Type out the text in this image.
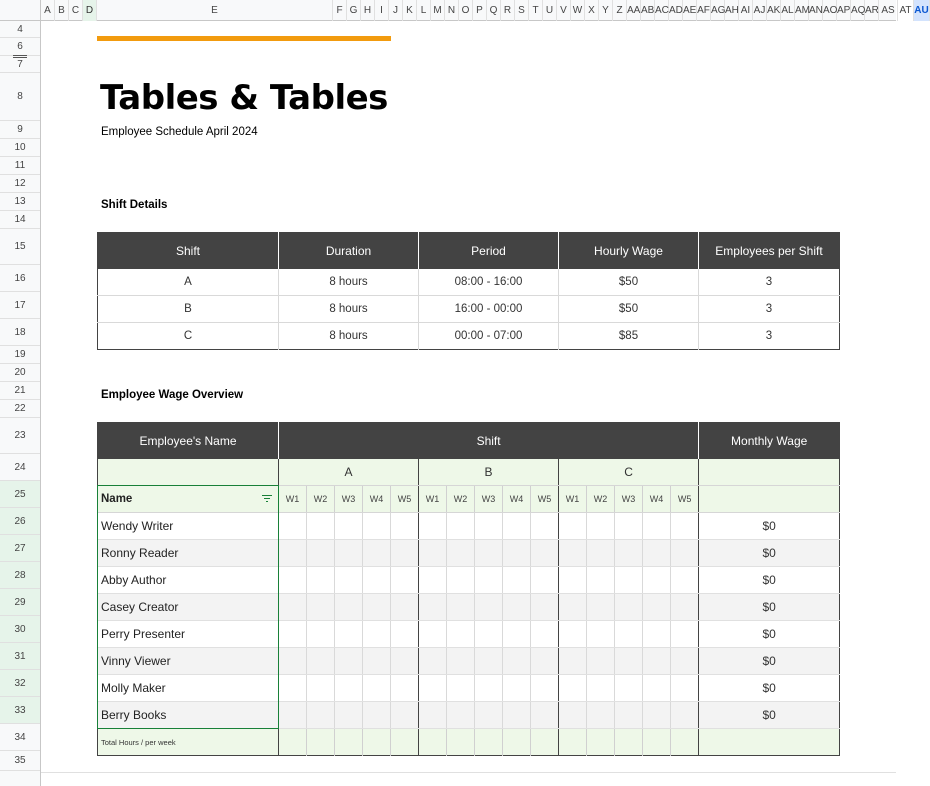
A B C D	E	F G H I	J K L M N O P Q R S T U V W X Y Z AA AB AC AD AE AF AG AH AI AJ AK AL AM AN AO AP AQ AR AS AT AU
4
6
7
8
9
10
11
12
13
14
15
16
17
18
19
20
21
22
23
24
25
26
27
28
29
30
31
32
33
34
35
Tables & Tables
Employee Schedule April 2024
Shift Details
Shift	Duration	Period	Hourly Wage	Employees per Shift
A	8 hours	08:00 - 16:00	$50	3
B	8 hours	16:00 - 00:00	$50	3
C	8 hours	00:00 - 07:00	$85	3
Employee Wage Overview
Employee's Name	Shift															Monthly Wage
	A					B					C					
Name	W1	W2	W3	W4	W5	W1	W2	W3	W4	W5	W1	W2	W3	W4	W5	
Wendy Writer																$0
Ronny Reader																$0
Abby Author																$0
Casey Creator																$0
Perry Presenter																$0
Vinny Viewer																$0
Molly Maker																$0
Berry Books																$0
Total Hours / per week																
